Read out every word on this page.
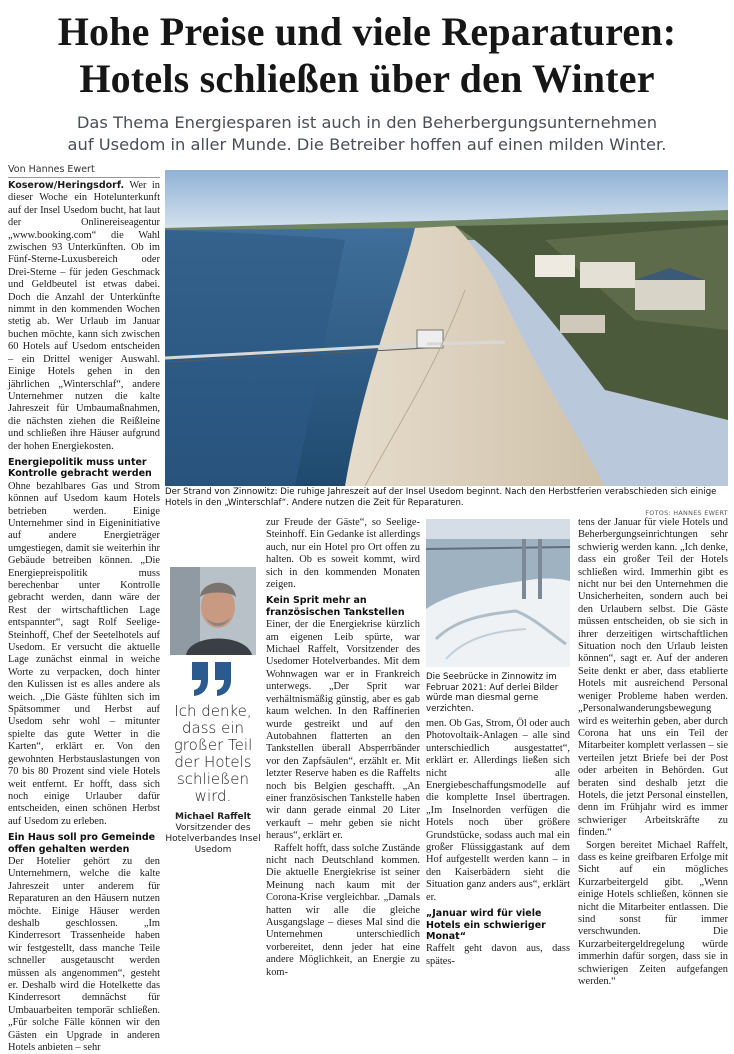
Hohe Preise und viele Reparaturen:
Hotels schließen über den Winter
Das Thema Energiesparen ist auch in den Beherbergungsunternehmen
auf Usedom in aller Munde. Die Betreiber hoffen auf einen milden Winter.
Von Hannes Ewert

Koserow/Heringsdorf. Wer in dieser Woche ein Hotelunterkunft auf der Insel Usedom bucht, hat laut der Onlinereiseagentur „www.booking.com“ die Wahl zwischen 93 Unterkünften. Ob im Fünf-Sterne-Luxusbereich oder Drei-Sterne – für jeden Geschmack und Geldbeutel ist etwas dabei. Doch die Anzahl der Unterkünfte nimmt in den kommenden Wochen stetig ab. Wer Urlaub im Januar buchen möchte, kann sich zwischen 60 Hotels auf Usedom entscheiden – ein Drittel weniger Auswahl. Einige Hotels gehen in den jährlichen „Winterschlaf“, andere Unternehmer nutzen die kalte Jahreszeit für Umbaumaßnahmen, die nächsten ziehen die Reißleine und schließen ihre Häuser aufgrund der hohen Energiekosten.

Energiepolitik muss unter Kontrolle gebracht werden

Ohne bezahlbares Gas und Strom können auf Usedom kaum Hotels betrieben werden. Einige Unternehmer sind in Eigeninitiative auf andere Energieträger umgestiegen, damit sie weiterhin ihr Gebäude betreiben können. „Die Energiepreispolitik muss berechenbar unter Kontrolle gebracht werden, dann wäre der Rest der wirtschaftlichen Lage entspannter“, sagt Rolf Seelige-Steinhoff, Chef der Seetelhotels auf Usedom. Er versucht die aktuelle Lage zunächst einmal in weiche Worte zu verpacken, doch hinter den Kulissen ist es alles andere als weich. „Die Gäste fühlten sich im Spätsommer und Herbst auf Usedom sehr wohl – mitunter spielte das gute Wetter in die Karten“, erklärt er. Von den gewohnten Herbstauslastungen von 70 bis 80 Prozent sind viele Hotels weit entfernt. Er hofft, dass sich noch einige Urlauber dafür entscheiden, einen schönen Herbst auf Usedom zu erleben.

Ein Haus soll pro Gemeinde offen gehalten werden

Der Hotelier gehört zu den Unternehmern, welche die kalte Jahreszeit unter anderem für Reparaturen an den Häusern nutzen möchte. Einige Häuser werden deshalb geschlossen. „Im Kinderresort Trassenheide haben wir festgestellt, dass manche Teile schneller ausgetauscht werden müssen als angenommen“, gesteht er. Deshalb wird die Hotelkette das Kinderresort demnächst für Umbauarbeiten temporär schließen. „Für solche Fälle können wir den Gästen ein Upgrade in anderen Hotels anbieten – sehr

Der Strand von Zinnowitz: Die ruhige Jahreszeit auf der Insel Usedom beginnt. Nach den Herbstferien verabschieden sich einige Hotels in den „Winterschlaf“. Andere nutzen die Zeit für Reparaturen.
FOTOS: HANNES EWERT
Ich denke, dass ein großer Teil der Hotels schließen wird.
Michael Raffelt
Vorsitzender des Hotelverbandes Insel Usedom

zur Freude der Gäste“, so Seelige-Steinhoff. Ein Gedanke ist allerdings auch, nur ein Hotel pro Ort offen zu halten. Ob es soweit kommt, wird sich in den kommenden Monaten zeigen.

Kein Sprit mehr an französischen Tankstellen

Einer, der die Energiekrise kürzlich am eigenen Leib spürte, war Michael Raffelt, Vorsitzender des Usedomer Hotelverbandes. Mit dem Wohnwagen war er in Frankreich unterwegs. „Der Sprit war verhältnismäßig günstig, aber es gab kaum welchen. In den Raffinerien wurde gestreikt und auf den Autobahnen flatterten an den Tankstellen überall Absperrbänder vor den Zapfsäulen“, erzählt er. Mit letzter Reserve haben es die Raffelts noch bis Belgien geschafft. „An einer französischen Tankstelle haben wir dann gerade einmal 20 Liter verkauft – mehr geben sie nicht heraus“, erklärt er.

Raffelt hofft, dass solche Zustände nicht nach Deutschland kommen. Die aktuelle Energiekrise ist seiner Meinung nach kaum mit der Corona-Krise vergleichbar. „Damals hatten wir alle die gleiche Ausgangslage – dieses Mal sind die Unternehmen unterschiedlich vorbereitet, denn jeder hat eine andere Möglichkeit, an Energie zu kom-

Die Seebrücke in Zinnowitz im Februar 2021: Auf derlei Bilder würde man diesmal gerne verzichten.

men. Ob Gas, Strom, Öl oder auch Photovoltaik-Anlagen – alle sind unterschiedlich ausgestattet“, erklärt er. Allerdings ließen sich nicht alle Energiebeschaffungsmodelle auf die komplette Insel übertragen. „Im Inselnorden verfügen die Hotels noch über größere Grundstücke, sodass auch mal ein großer Flüssiggastank auf dem Hof aufgestellt werden kann – in den Kaiserbädern sieht die Situation ganz anders aus“, erklärt er.

„Januar wird für viele Hotels ein schwieriger Monat“

Raffelt geht davon aus, dass spätes-

tens der Januar für viele Hotels und Beherbergungseinrichtungen sehr schwierig werden kann. „Ich denke, dass ein großer Teil der Hotels schließen wird. Immerhin gibt es nicht nur bei den Unternehmen die Unsicherheiten, sondern auch bei den Urlaubern selbst. Die Gäste müssen entscheiden, ob sie sich in ihrer derzeitigen wirtschaftlichen Situation noch den Urlaub leisten können“, sagt er. Auf der anderen Seite denkt er aber, dass etablierte Hotels mit ausreichend Personal weniger Probleme haben werden. „Personalwanderungsbewegung wird es weiterhin geben, aber durch Corona hat uns ein Teil der Mitarbeiter komplett verlassen – sie verteilen jetzt Briefe bei der Post oder arbeiten in Behörden. Gut beraten sind deshalb jetzt die Hotels, die jetzt Personal einstellen, denn im Frühjahr wird es immer schwieriger Arbeitskräfte zu finden.“

Sorgen bereitet Michael Raffelt, dass es keine greifbaren Erfolge mit Sicht auf ein mögliches Kurzarbeitergeld gibt. „Wenn einige Hotels schließen, können sie nicht die Mitarbeiter entlassen. Die sind sonst für immer verschwunden. Die Kurzarbeitergeldregelung würde immerhin dafür sorgen, dass sie in schwierigen Zeiten aufgefangen werden.“
